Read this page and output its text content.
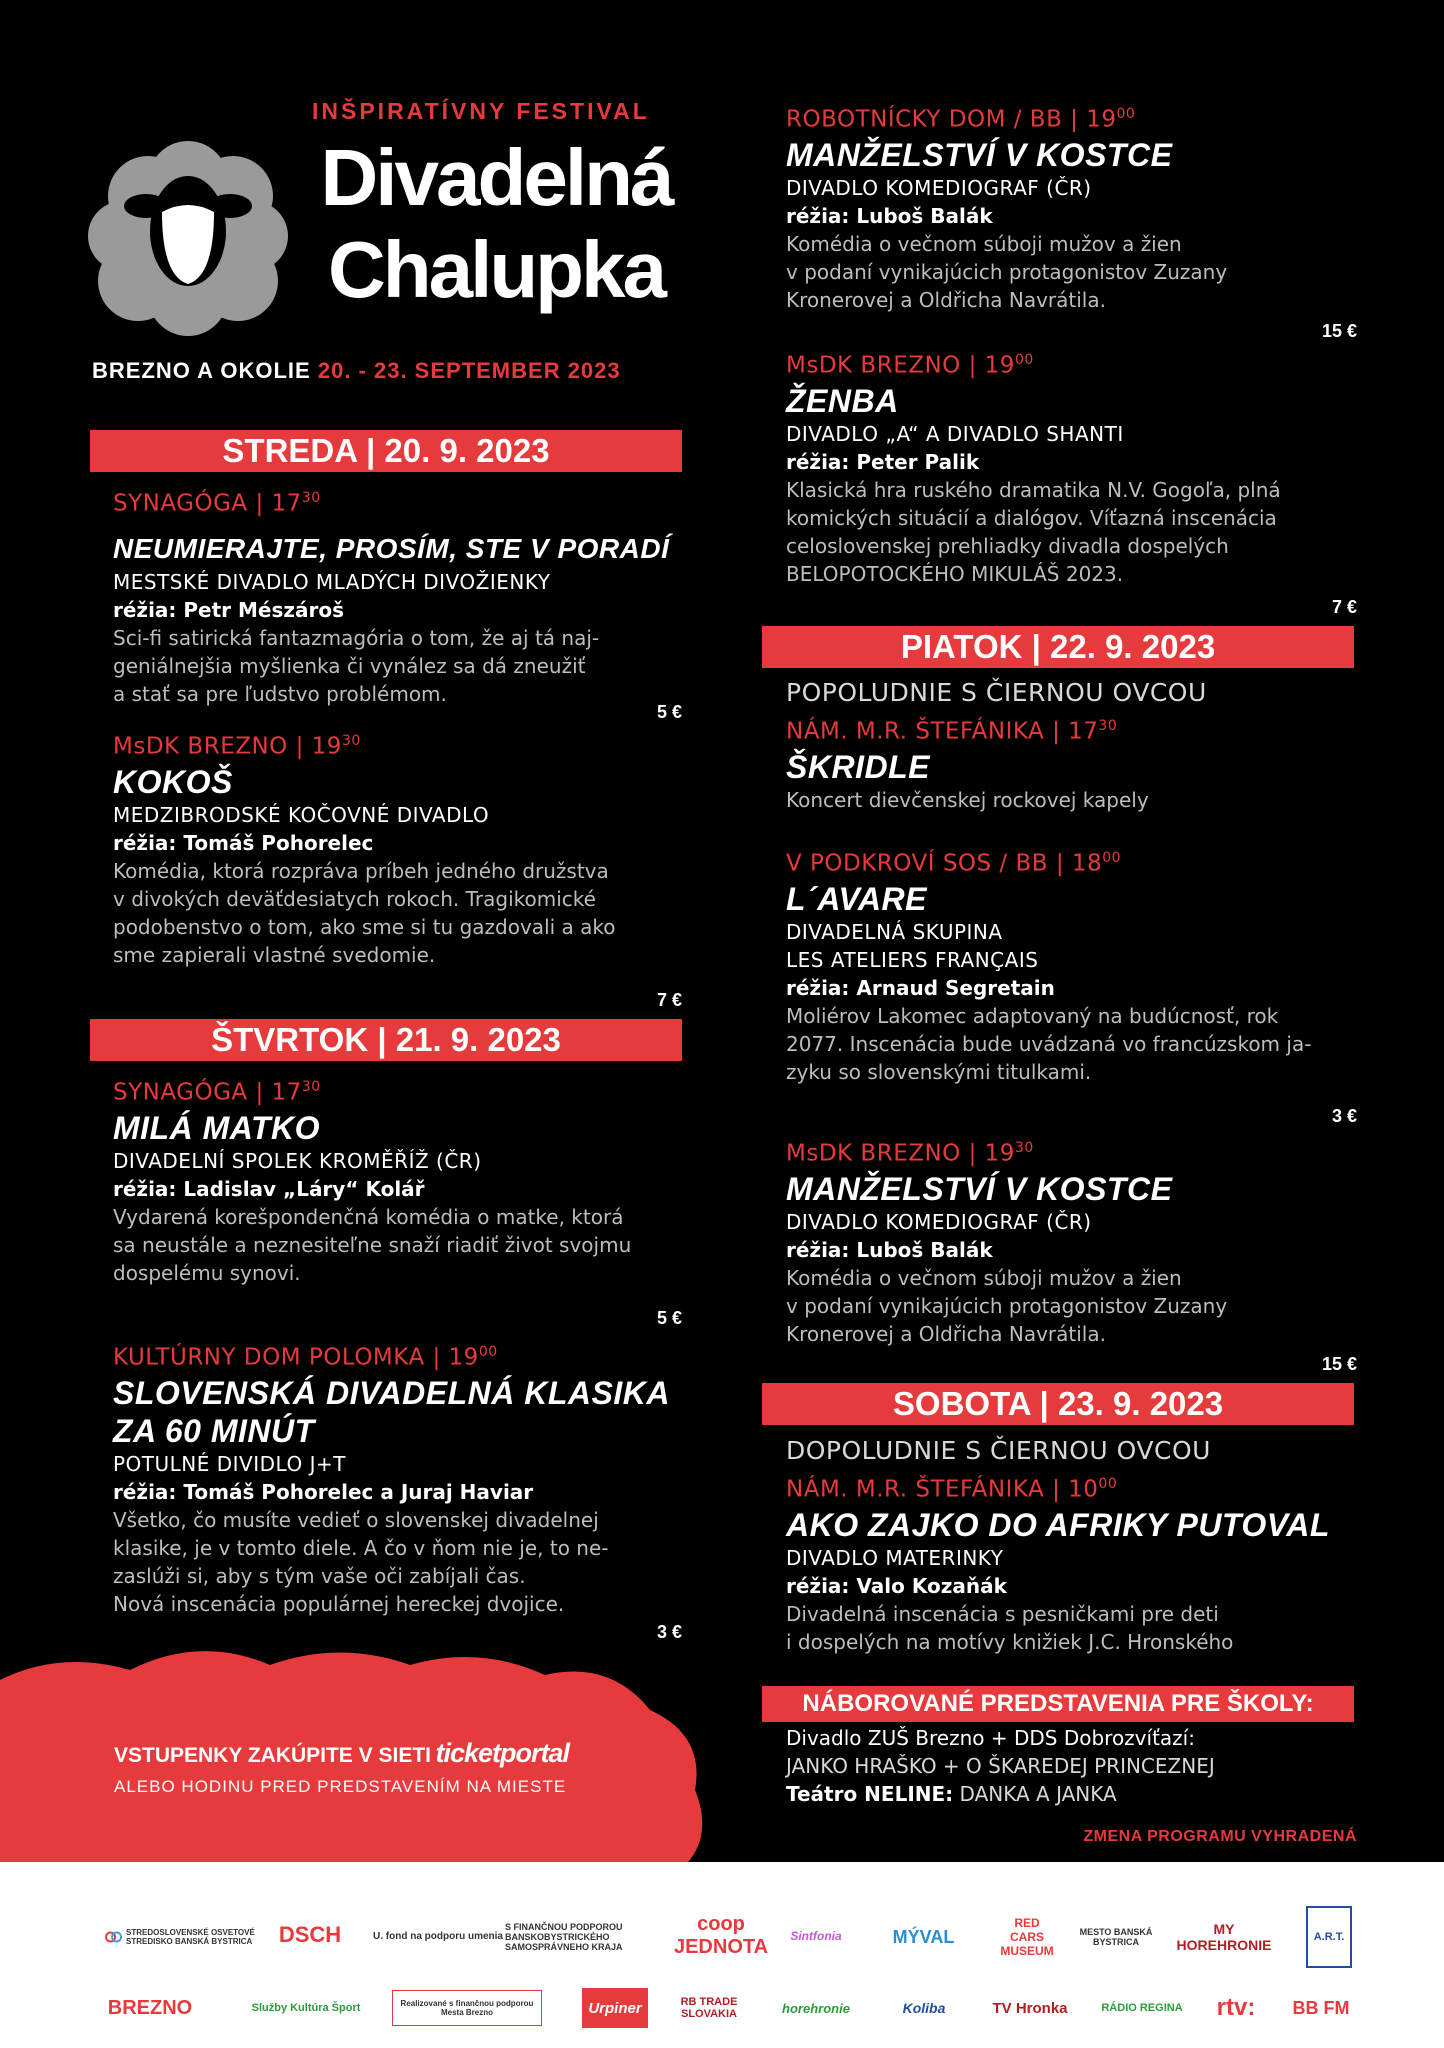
INŠPIRATÍVNY FESTIVAL
Divadelná
Chalupka
BREZNO A OKOLIE 20. - 23. SEPTEMBER 2023
STREDA | 20. 9. 2023
SYNAGÓGA | $17^{30}$
NEUMIERAJTE, PROSÍM, STE V PORADÍ
MESTSKÉ DIVADLO MLADÝCH DIVOŽIENKY
réžia: Petr Mészároš
Sci-fi satirická fantazmagória o tom, že aj tá naj-
geniálnejšia myšlienka či vynález sa dá zneužiť
a stať sa pre ľudstvo problémom.
5 €
MsDK BREZNO | $19^{30}$
KOKOŠ
MEDZIBRODSKÉ KOČOVNÉ DIVADLO
réžia: Tomáš Pohorelec
Komédia, ktorá rozpráva príbeh jedného družstva
v divokých deväťdesiatych rokoch. Tragikomické
podobenstvo o tom, ako sme si tu gazdovali a ako
sme zapierali vlastné svedomie.
7 €
ŠTVRTOK | 21. 9. 2023
SYNAGÓGA | $17^{30}$
MILÁ MATKO
DIVADELNÍ SPOLEK KROMĚŘÍŽ (ČR)
réžia: Ladislav „Láry“ Kolář
Vydarená korešpondenčná komédia o matke, ktorá
sa neustále a neznesiteľne snaží riadiť život svojmu
dospelému synovi.
5 €
KULTÚRNY DOM POLOMKA | $19^{00}$
SLOVENSKÁ DIVADELNÁ KLASIKA
ZA 60 MINÚT
POTULNÉ DIVIDLO J+T
réžia: Tomáš Pohorelec a Juraj Haviar
Všetko, čo musíte vedieť o slovenskej divadelnej
klasike, je v tomto diele. A čo v ňom nie je, to ne-
zaslúži si, aby s tým vaše oči zabíjali čas.
Nová inscenácia populárnej hereckej dvojice.
3 €
VSTUPENKY ZAKÚPITE V SIETI ticketportal
ALEBO HODINU PRED PREDSTAVENÍM NA MIESTE
ROBOTNÍCKY DOM / BB | $19^{00}$
MANŽELSTVÍ V KOSTCE
DIVADLO KOMEDIOGRAF (ČR)
réžia: Luboš Balák
Komédia o večnom súboji mužov a žien
v podaní vynikajúcich protagonistov Zuzany
Kronerovej a Oldřicha Navrátila.
15 €
MsDK BREZNO | $19^{00}$
ŽENBA
DIVADLO „A“ A DIVADLO SHANTI
réžia: Peter Palik
Klasická hra ruského dramatika N.V. Gogoľa, plná
komických situácií a dialógov. Víťazná inscenácia
celoslovenskej prehliadky divadla dospelých
BELOPOTOCKÉHO MIKULÁŠ 2023.
7 €
PIATOK | 22. 9. 2023
POPOLUDNIE S ČIERNOU OVCOU
NÁM. M.R. ŠTEFÁNIKA | $17^{30}$
ŠKRIDLE
Koncert dievčenskej rockovej kapely
V PODKROVÍ SOS / BB | $18^{00}$
L´AVARE
DIVADELNÁ SKUPINA
LES ATELIERS FRANÇAIS
réžia: Arnaud Segretain
Moliérov Lakomec adaptovaný na budúcnosť, rok
2077. Inscenácia bude uvádzaná vo francúzskom ja-
zyku so slovenskými titulkami.
3 €
MsDK BREZNO | $19^{30}$
MANŽELSTVÍ V KOSTCE
DIVADLO KOMEDIOGRAF (ČR)
réžia: Luboš Balák
Komédia o večnom súboji mužov a žien
v podaní vynikajúcich protagonistov Zuzany
Kronerovej a Oldřicha Navrátila.
15 €
SOBOTA | 23. 9. 2023
DOPOLUDNIE S ČIERNOU OVCOU
NÁM. M.R. ŠTEFÁNIKA | $10^{00}$
AKO ZAJKO DO AFRIKY PUTOVAL
DIVADLO MATERINKY
réžia: Valo Kozaňák
Divadelná inscenácia s pesničkami pre deti
i dospelých na motívy knižiek J.C. Hronského
NÁBOROVANÉ PREDSTAVENIA PRE ŠKOLY:
Divadlo ZUŠ Brezno + DDS Dobrozvíťazí:
JANKO HRAŠKO + O ŠKAREDEJ PRINCEZNEJ
Teátro NELINE: DANKA A JANKA
ZMENA PROGRAMU VYHRADENÁ
STREDOSLOVENSKÉ OSVETOVÉ STREDISKO BANSKÁ BYSTRICA DSCH	U. fond na podporu umenia
S FINANČNOU PODPOROU BANSKOBYSTRICKÉHO SAMOSPRÁVNEHO KRAJA
coop JEDNOTA	Sintfonia	MÝVAL
RED CARS MUSEUM
MESTO BANSKÁ BYSTRICA
MY HOREHRONIE	A.R.T.
BREZNO	Služby Kultúra Šport	Realizované s finančnou podporou Mesta Brezno	Urpiner	RB TRADE SLOVAKIA	horehronie	Koliba	TV Hronka	RÁDIO REGINA	rtv:	BB FM
